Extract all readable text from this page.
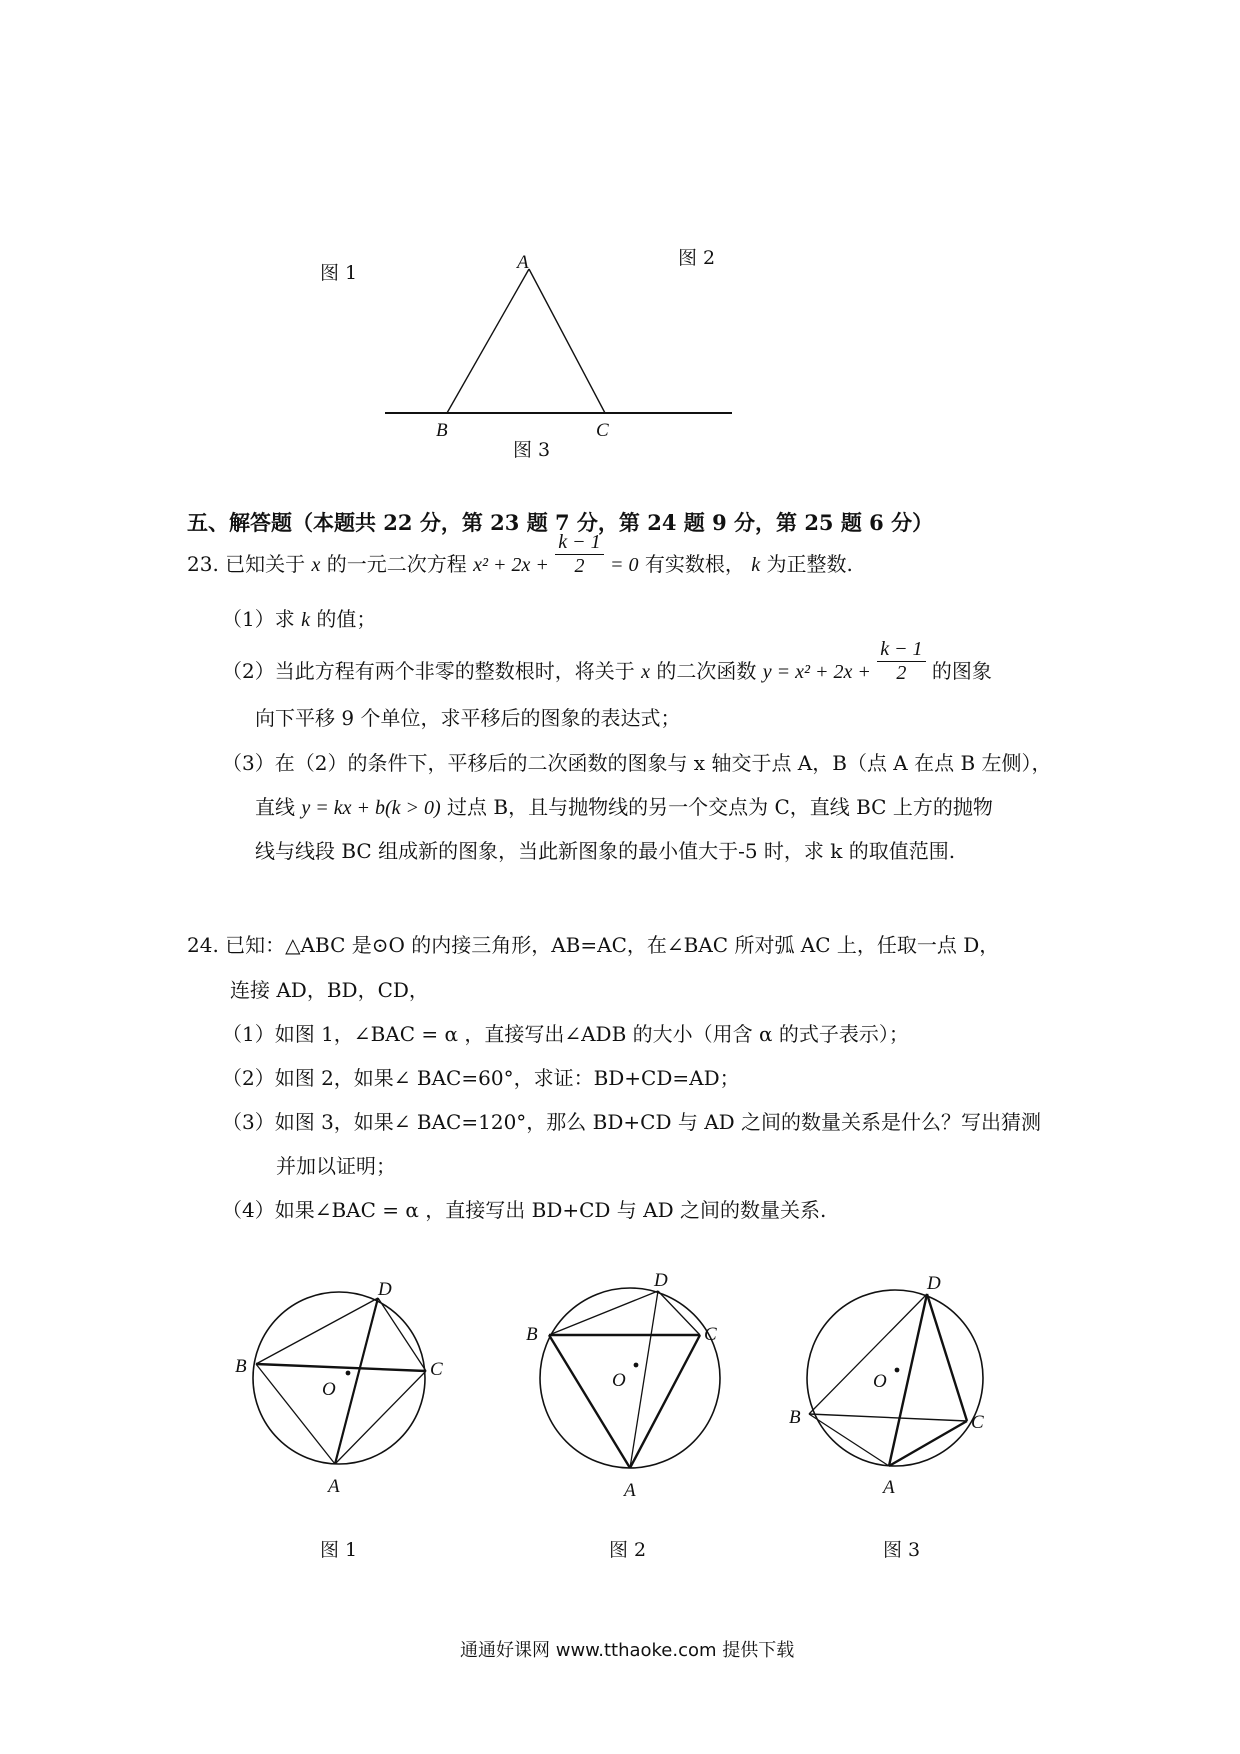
图 1
图 2
A
B	C
图 3
五、解答题（本题共 22 分，第 23 题 7 分，第 24 题 9 分，第 25 题 6 分）
23. 已知关于 x 的一元二次方程 $x^2 + 2x + \frac{k - 1}{2} = 0$ 有实数根， k 为正整数.
（1）求 k 的值；
（2）当此方程有两个非零的整数根时，将关于 x 的二次函数 $y = x^2 + 2x + \frac{k - 1}{2}$ 的图象
向下平移 9 个单位，求平移后的图象的表达式；
（3）在（2）的条件下，平移后的二次函数的图象与 x 轴交于点 A，B（点 A 在点 B 左侧），
直线 y = kx + b(k > 0) 过点 B，且与抛物线的另一个交点为 C，直线 BC 上方的抛物
线与线段 BC 组成新的图象，当此新图象的最小值大于-5 时，求 k 的取值范围.
24. 已知：△ABC 是⊙O 的内接三角形，AB=AC，在∠BAC 所对弧 AC 上，任取一点 D，
连接 AD，BD，CD，
（1）如图 1，∠BAC = α ，直接写出∠ADB 的大小（用含 α 的式子表示）；
（2）如图 2，如果∠ BAC=60°，求证：BD+CD=AD；
（3）如图 3，如果∠ BAC=120°，那么 BD+CD 与 AD 之间的数量关系是什么？写出猜测
并加以证明；
（4）如果∠BAC = α ，直接写出 BD+CD 与 AD 之间的数量关系.
D
B	C
A
O
D
B	C
A
O
D
B	C
A
O
图 1	图 2	图 3
通通好课网 www.tthaoke.com 提供下载
